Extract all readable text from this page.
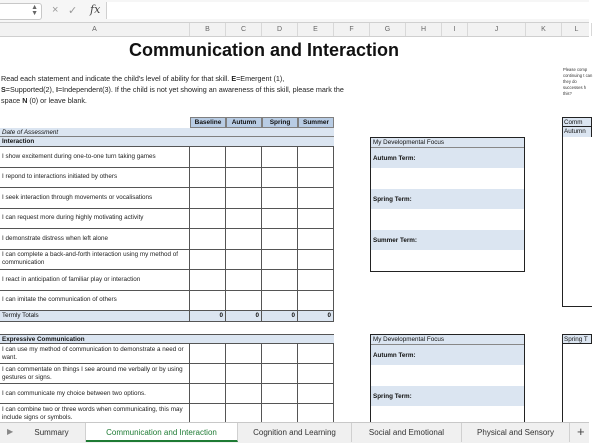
▲
▼ × ✓ fx
A	B	C	D	E	F	G	H	I	J	K	L
Communication and Interaction
Read each statement and indicate the child's level of ability for that skill. E=Emergent (1),
S=Supported(2), I=Independent(3). If the child is not yet showing an awareness of this skill, please mark the space N (0) or leave blank.
Please comp continuing t can they do successes h this?
Baseline	Autumn	Spring	Summer
Date of Assessment
Interaction
I show excitement during one-to-one turn taking games
I repond to interactions initiated by others
I seek interaction through movements or vocalisations
I can request more during highly motivating activity
I demonstrate distress when left alone
I can complete a back-and-forth interaction using my method of communication
I react in anticipation of familiar play or interaction
I can imitate the communication of others
Termly Totals	0	0	0	0
Expressive Communication
I can use my method of communication to demonstrate a need or want.
I can commentate on things I see around me verbally or by using gestures or signs.
I can communicate my choice between two options.
I can combine two or three words when communicating, this may include signs or symbols.
My Developmental Focus
Autumn Term:
Spring Term:
Summer Term:
My Developmental Focus
Autumn Term:
Spring Term:
Comm
Autumn
Spring T
▶	Summary	Communication and Interaction	Cognition and Learning	Social and Emotional	Physical and Sensory	+
